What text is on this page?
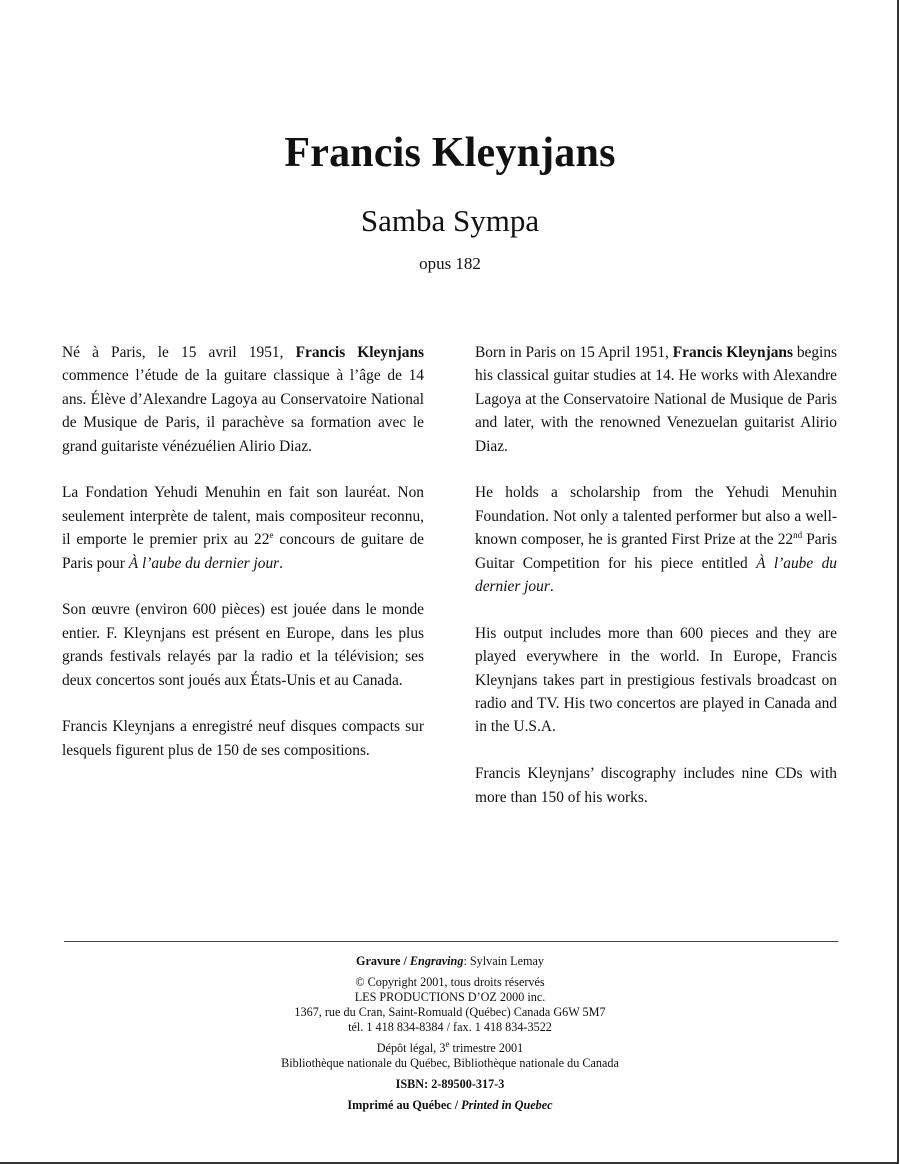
Francis Kleynjans
Samba Sympa
opus 182

Né à Paris, le 15 avril 1951, Francis Kleynjans commence l’étude de la guitare classique à l’âge de 14 ans. Élève d’Alexandre Lagoya au Conservatoire National de Musique de Paris, il parachève sa formation avec le grand guitariste vénézuélien Alirio Diaz.

La Fondation Yehudi Menuhin en fait son lauréat. Non seulement interprète de talent, mais compositeur reconnu, il emporte le premier prix au 22e concours de guitare de Paris pour À l’aube du dernier jour.

Son œuvre (environ 600 pièces) est jouée dans le monde entier. F. Kleynjans est présent en Europe, dans les plus grands festivals relayés par la radio et la télévision; ses deux concertos sont joués aux États-Unis et au Canada.

Francis Kleynjans a enregistré neuf disques compacts sur lesquels figurent plus de 150 de ses compositions.

Born in Paris on 15 April 1951, Francis Kleynjans begins his classical guitar studies at 14. He works with Alexandre Lagoya at the Conservatoire National de Musique de Paris and later, with the renowned Venezuelan guitarist Alirio Diaz.

He holds a scholarship from the Yehudi Menuhin Foundation. Not only a talented performer but also a well-known composer, he is granted First Prize at the 22nd Paris Guitar Competition for his piece entitled À l’aube du dernier jour.

His output includes more than 600 pieces and they are played everywhere in the world. In Europe, Francis Kleynjans takes part in prestigious festivals broadcast on radio and TV. His two concertos are played in Canada and in the U.S.A.

Francis Kleynjans’ discography includes nine CDs with more than 150 of his works.

Gravure / Engraving: Sylvain Lemay
© Copyright 2001, tous droits réservés
LES PRODUCTIONS D’OZ 2000 inc.
1367, rue du Cran, Saint-Romuald (Québec) Canada G6W 5M7
tél. 1 418 834-8384 / fax. 1 418 834-3522
Dépôt légal, 3e trimestre 2001
Bibliothèque nationale du Québec, Bibliothèque nationale du Canada
ISBN: 2-89500-317-3
Imprimé au Québec / Printed in Quebec
